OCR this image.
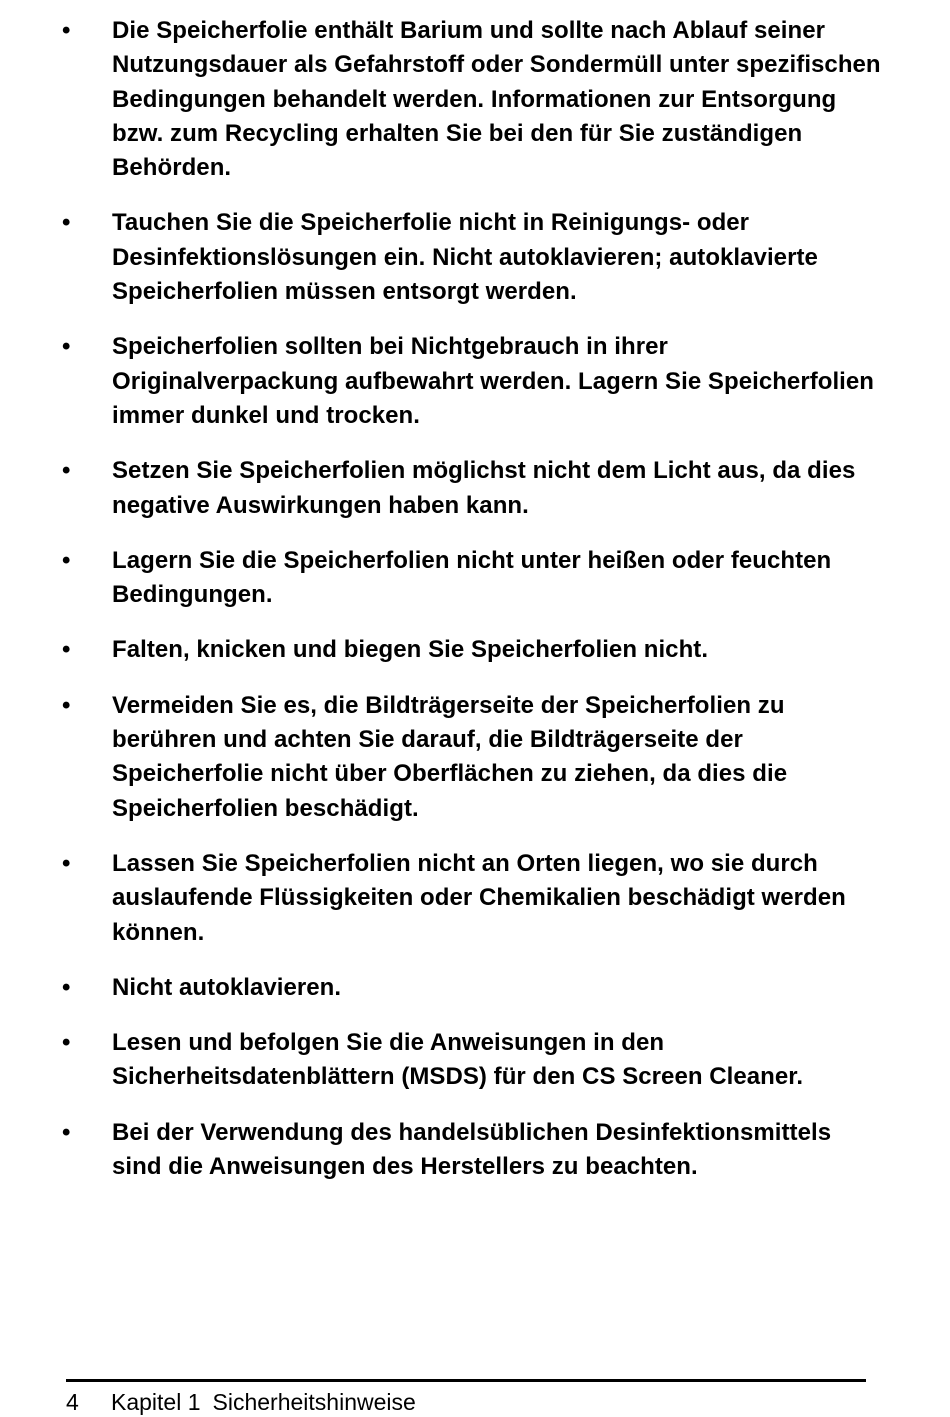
• Die Speicherfolie enthält Barium und sollte nach Ablauf seiner Nutzungsdauer als Gefahrstoff oder Sondermüll unter spezifischen Bedingungen behandelt werden. Informationen zur Entsorgung bzw. zum Recycling erhalten Sie bei den für Sie zuständigen Behörden.
• Tauchen Sie die Speicherfolie nicht in Reinigungs- oder Desinfektionslösungen ein. Nicht autoklavieren; autoklavierte Speicherfolien müssen entsorgt werden.
• Speicherfolien sollten bei Nichtgebrauch in ihrer Originalverpackung aufbewahrt werden. Lagern Sie Speicherfolien immer dunkel und trocken.
• Setzen Sie Speicherfolien möglichst nicht dem Licht aus, da dies negative Auswirkungen haben kann.
• Lagern Sie die Speicherfolien nicht unter heißen oder feuchten Bedingungen.
• Falten, knicken und biegen Sie Speicherfolien nicht.
• Vermeiden Sie es, die Bildträgerseite der Speicherfolien zu berühren und achten Sie darauf, die Bildträgerseite der Speicherfolie nicht über Oberflächen zu ziehen, da dies die Speicherfolien beschädigt.
• Lassen Sie Speicherfolien nicht an Orten liegen, wo sie durch auslaufende Flüssigkeiten oder Chemikalien beschädigt werden können.
• Nicht autoklavieren.
• Lesen und befolgen Sie die Anweisungen in den Sicherheitsdatenblättern (MSDS) für den CS Screen Cleaner.
• Bei der Verwendung des handelsüblichen Desinfektionsmittels sind die Anweisungen des Herstellers zu beachten.
4 Kapitel 1 Sicherheitshinweise
